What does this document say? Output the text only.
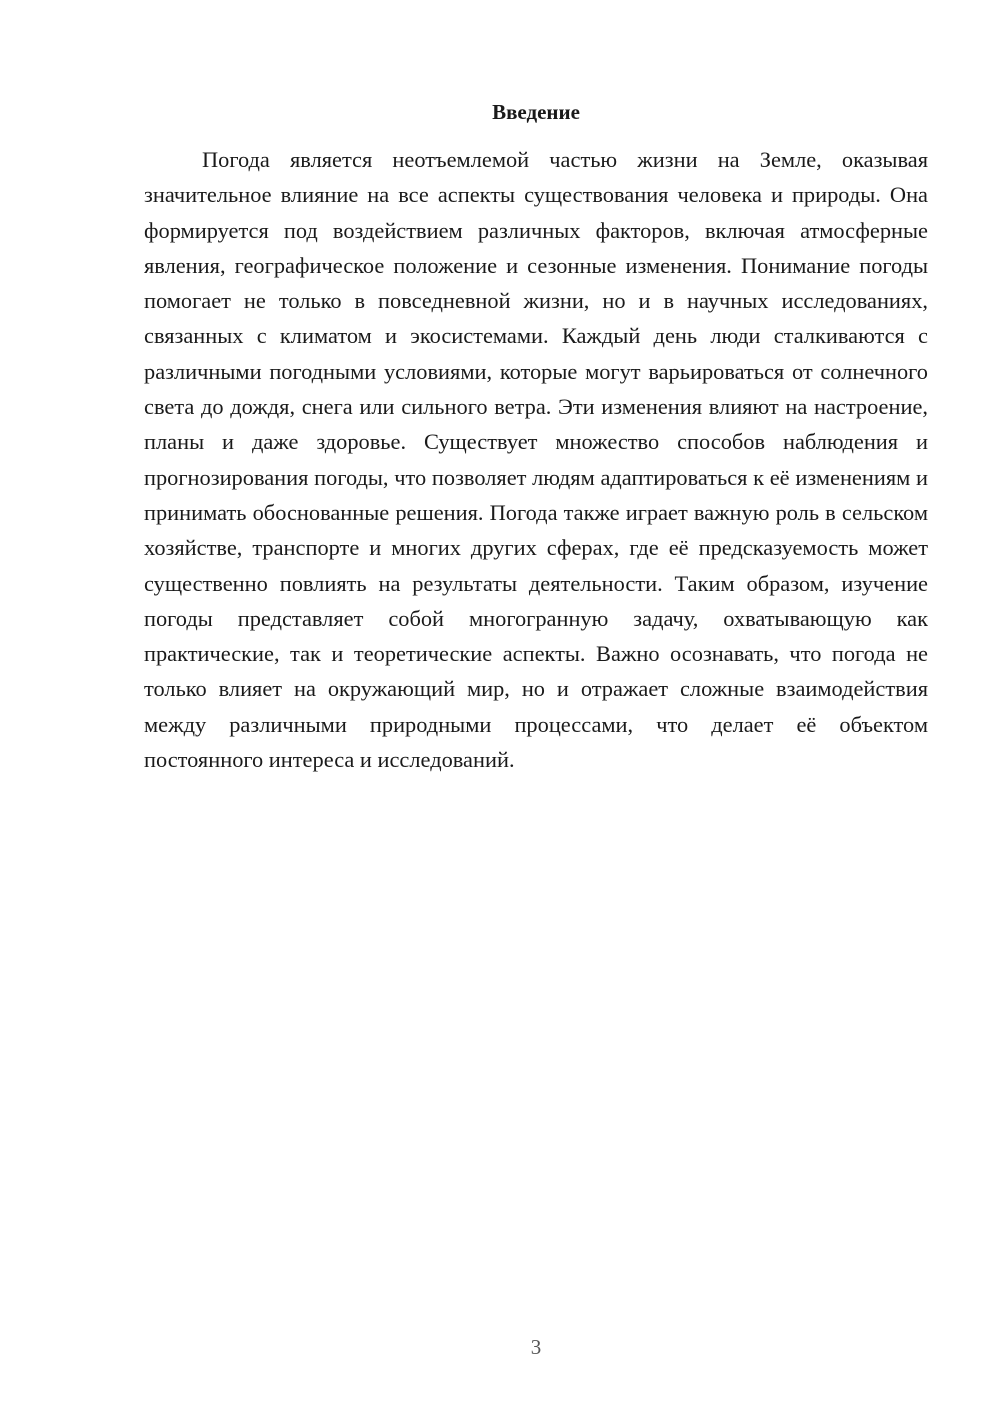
Введение

Погода является неотъемлемой частью жизни на Земле, оказывая значительное влияние на все аспекты существования человека и природы. Она формируется под воздействием различных факторов, включая атмосферные явления, географическое положение и сезонные изменения. Понимание погоды помогает не только в повседневной жизни, но и в научных исследованиях, связанных с климатом и экосистемами. Каждый день люди сталкиваются с различными погодными условиями, которые могут варьироваться от солнечного света до дождя, снега или сильного ветра. Эти изменения влияют на настроение, планы и даже здоровье. Существует множество способов наблюдения и прогнозирования погоды, что позволяет людям адаптироваться к её изменениям и принимать обоснованные решения. Погода также играет важную роль в сельском хозяйстве, транспорте и многих других сферах, где её предсказуемость может существенно повлиять на результаты деятельности. Таким образом, изучение погоды представляет собой многогранную задачу, охватывающую как практические, так и теоретические аспекты. Важно осознавать, что погода не только влияет на окружающий мир, но и отражает сложные взаимодействия между различными природными процессами, что делает её объектом постоянного интереса и исследований.

3
